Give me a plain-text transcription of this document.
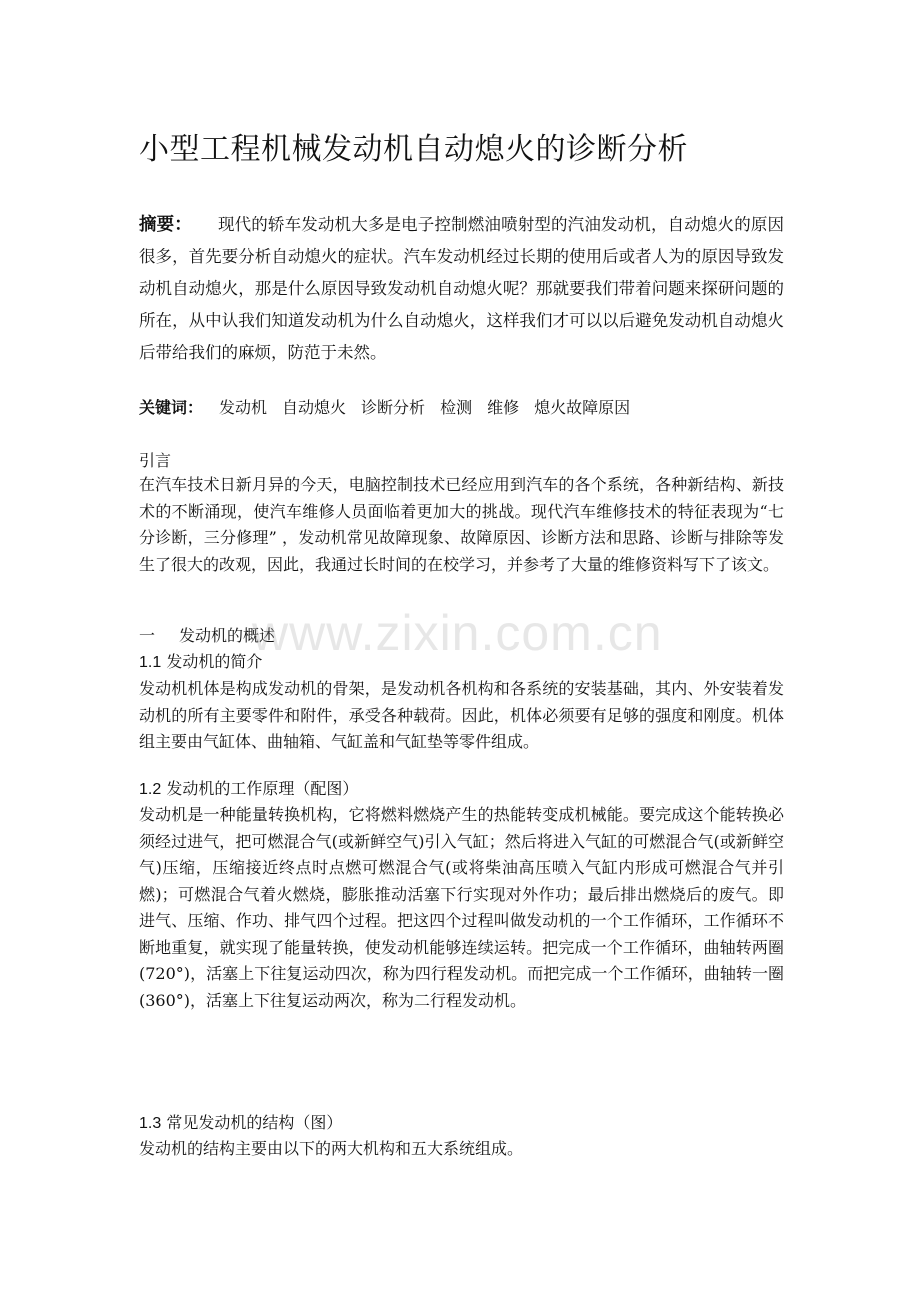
小型工程机械发动机自动熄火的诊断分析

摘要： 现代的轿车发动机大多是电子控制燃油喷射型的汽油发动机，自动熄火的原因很多，首先要分析自动熄火的症状。汽车发动机经过长期的使用后或者人为的原因导致发动机自动熄火，那是什么原因导致发动机自动熄火呢？那就要我们带着问题来探研问题的所在，从中认我们知道发动机为什么自动熄火，这样我们才可以以后避免发动机自动熄火后带给我们的麻烦，防范于未然。

关键词： 发动机 自动熄火 诊断分析 检测 维修 熄火故障原因

引言

在汽车技术日新月异的今天，电脑控制技术已经应用到汽车的各个系统，各种新结构、新技术的不断涌现，使汽车维修人员面临着更加大的挑战。现代汽车维修技术的特征表现为“七分诊断，三分修理” ，发动机常见故障现象、故障原因、诊断方法和思路、诊断与排除等发生了很大的改观，因此，我通过长时间的在校学习，并参考了大量的维修资料写下了该文。

一 发动机的概述

1.1 发动机的简介

发动机机体是构成发动机的骨架，是发动机各机构和各系统的安装基础，其内、外安装着发动机的所有主要零件和附件，承受各种载荷。因此，机体必须要有足够的强度和刚度。机体组主要由气缸体、曲轴箱、气缸盖和气缸垫等零件组成。

1.2 发动机的工作原理（配图）

发动机是一种能量转换机构，它将燃料燃烧产生的热能转变成机械能。要完成这个能转换必须经过进气，把可燃混合气(或新鲜空气)引入气缸；然后将进入气缸的可燃混合气(或新鲜空气)压缩，压缩接近终点时点燃可燃混合气(或将柴油高压喷入气缸内形成可燃混合气并引燃)；可燃混合气着火燃烧，膨胀推动活塞下行实现对外作功；最后排出燃烧后的废气。即进气、压缩、作功、排气四个过程。把这四个过程叫做发动机的一个工作循环，工作循环不断地重复，就实现了能量转换，使发动机能够连续运转。把完成一个工作循环，曲轴转两圈(720°)，活塞上下往复运动四次，称为四行程发动机。而把完成一个工作循环，曲轴转一圈(360°)，活塞上下往复运动两次，称为二行程发动机。

1.3 常见发动机的结构（图）

发动机的结构主要由以下的两大机构和五大系统组成。

www.zixin.com.cn
